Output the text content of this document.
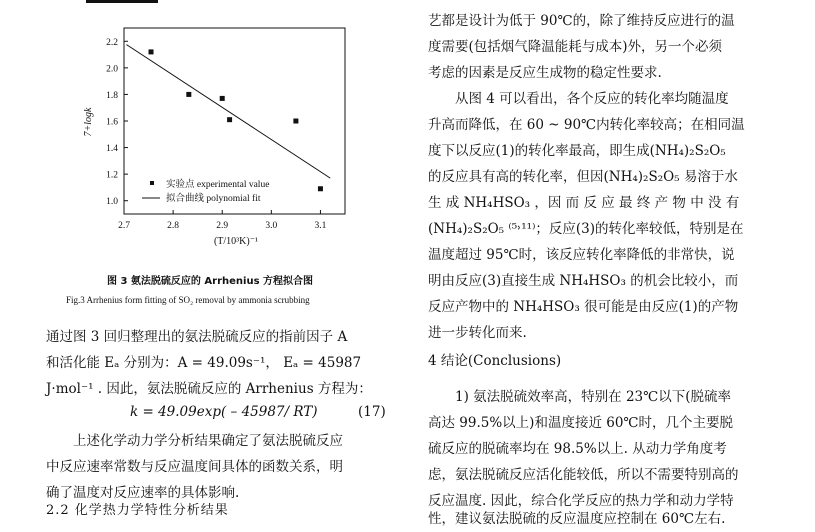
2.7	2.8	2.9	3.0	3.1
1.0
1.2
1.4
1.6
1.8
2.0
2.2
(T/10³K)⁻¹
7+logk
实验点 experimental value
拟合曲线 polynomial fit
图 3 氨法脱硫反应的 Arrhenius 方程拟合图
Fig.3 Arrhenius form fitting of SO₂ removal by ammonia scrubbing
通过图 3 回归整理出的氨法脱硫反应的指前因子 A
和活化能 Eₐ 分别为：A = 49.09s⁻¹， Eₐ = 45987
J·mol⁻¹ . 因此，氨法脱硫反应的 Arrhenius 方程为：
k = 49.09exp( – 45987/ RT)	(17)
上述化学动力学分析结果确定了氨法脱硫反应
中反应速率常数与反应温度间具体的函数关系，明
确了温度对反应速率的具体影响.
2.2 化学热力学特性分析结果
艺都是设计为低于 90℃的，除了维持反应进行的温
度需要(包括烟气降温能耗与成本)外，另一个必须
考虑的因素是反应生成物的稳定性要求.
　　从图 4 可以看出，各个反应的转化率均随温度
升高而降低，在 60 ~ 90℃内转化率较高；在相同温
度下以反应(1)的转化率最高，即生成(NH₄)₂S₂O₅
的反应具有高的转化率，但因(NH₄)₂S₂O₅ 易溶于水
生 成 NH₄HSO₃ ，因 而 反 应 最 终 产 物 中 没 有
(NH₄)₂S₂O₅ ⁽⁵˒¹¹⁾；反应(3)的转化率较低，特别是在
温度超过 95℃时，该反应转化率降低的非常快，说
明由反应(3)直接生成 NH₄HSO₃ 的机会比较小，而
反应产物中的 NH₄HSO₃ 很可能是由反应(1)的产物
进一步转化而来.
4 结论(Conclusions)
　　1) 氨法脱硫效率高，特别在 23℃以下(脱硫率
高达 99.5%以上)和温度接近 60℃时，几个主要脱
硫反应的脱硫率均在 98.5%以上. 从动力学角度考
虑，氨法脱硫反应活化能较低，所以不需要特别高的
反应温度. 因此，综合化学反应的热力学和动力学特
性，建议氨法脱硫的反应温度应控制在 60℃左右.
